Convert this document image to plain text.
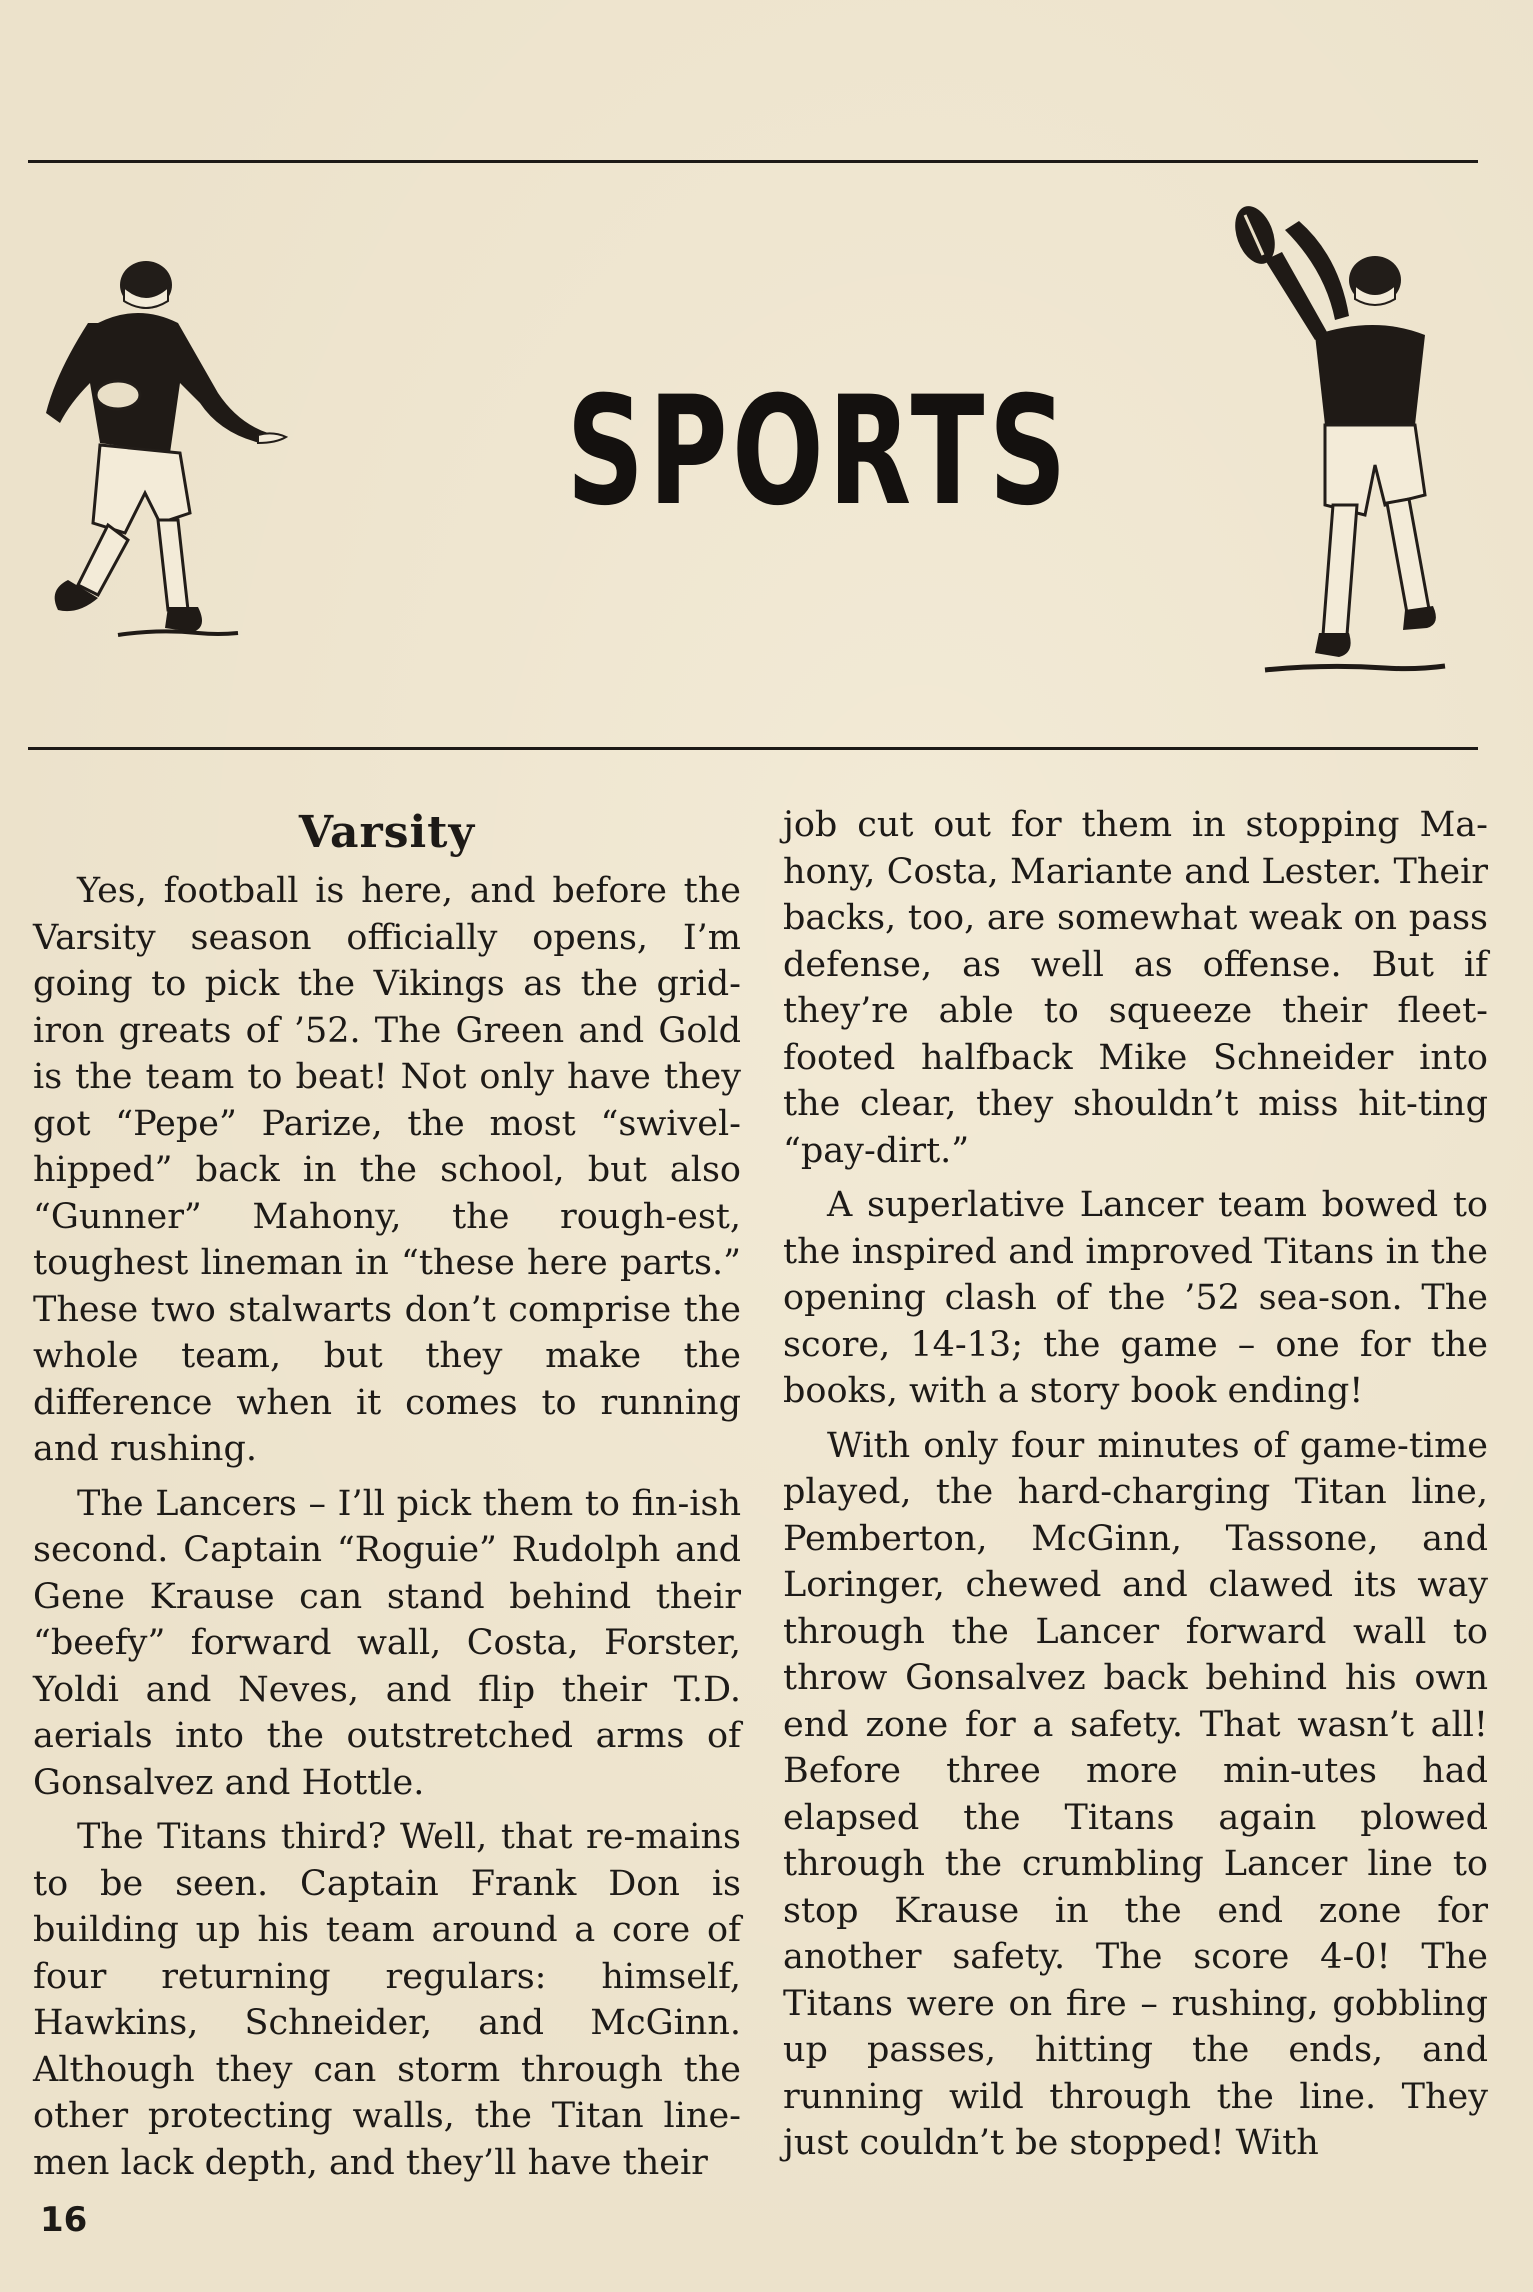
SPORTS
Varsity

Yes, football is here, and before the Varsity season officially opens, I’m going to pick the Vikings as the grid-iron greats of ’52. The Green and Gold is the team to beat! Not only have they got “Pepe” Parize, the most “swivel-hipped” back in the school, but also “Gunner” Mahony, the rough-est, toughest lineman in “these here parts.” These two stalwarts don’t comprise the whole team, but they make the difference when it comes to running and rushing.

The Lancers – I’ll pick them to fin-ish second. Captain “Roguie” Rudolph and Gene Krause can stand behind their “beefy” forward wall, Costa, Forster, Yoldi and Neves, and flip their T.D. aerials into the outstretched arms of Gonsalvez and Hottle.

The Titans third? Well, that re-mains to be seen. Captain Frank Don is building up his team around a core of four returning regulars: himself, Hawkins, Schneider, and McGinn. Although they can storm through the other protecting walls, the Titan line-men lack depth, and they’ll have their

job cut out for them in stopping Ma-hony, Costa, Mariante and Lester. Their backs, too, are somewhat weak on pass defense, as well as offense. But if they’re able to squeeze their fleet-footed halfback Mike Schneider into the clear, they shouldn’t miss hit-ting “pay-dirt.”

A superlative Lancer team bowed to the inspired and improved Titans in the opening clash of the ’52 sea-son. The score, 14-13; the game – one for the books, with a story book ending!

With only four minutes of game-time played, the hard-charging Titan line, Pemberton, McGinn, Tassone, and Loringer, chewed and clawed its way through the Lancer forward wall to throw Gonsalvez back behind his own end zone for a safety. That wasn’t all! Before three more min-utes had elapsed the Titans again plowed through the crumbling Lancer line to stop Krause in the end zone for another safety. The score 4-0! The Titans were on fire – rushing, gobbling up passes, hitting the ends, and running wild through the line. They just couldn’t be stopped! With

16
